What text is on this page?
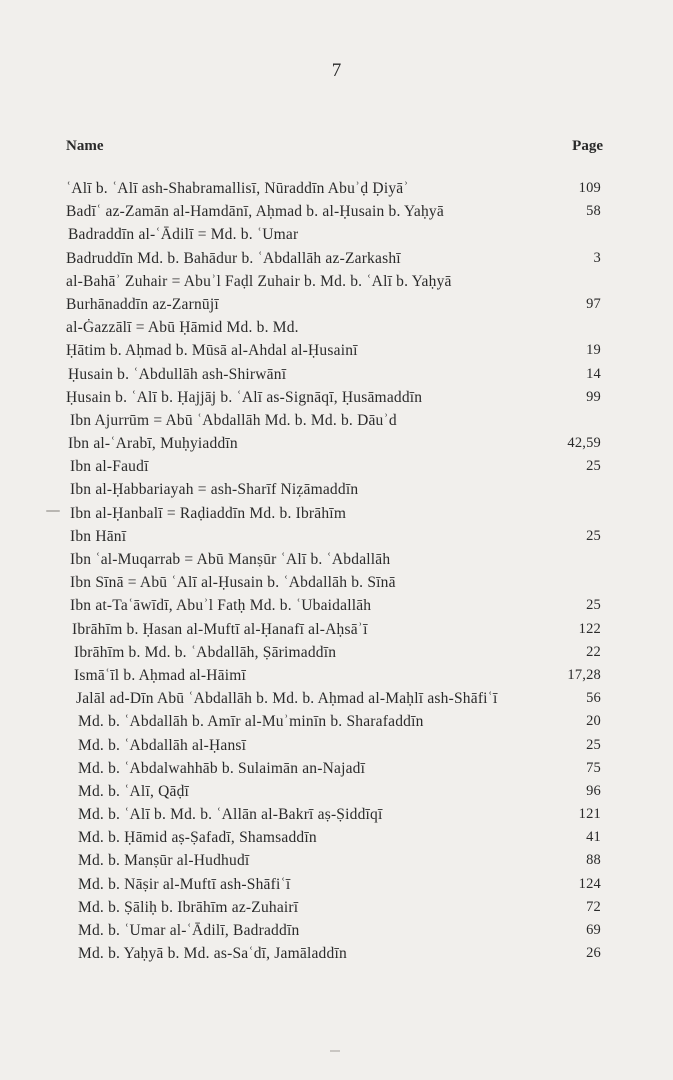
7
Name	Page
ʿAlī b. ʿAlī ash-Shabramallisī, Nūraddīn Abuʾḍ Ḍiyāʾ	109
Badīʿ az-Zamān al-Hamdānī, Aḥmad b. al-Ḥusain b. Yaḥyā	58
Badraddīn al-ʿĀdilī = Md. b. ʿUmar
Badruddīn Md. b. Bahādur b. ʿAbdallāh az-Zarkashī	3
al-Bahāʾ Zuhair = Abuʾl Faḍl Zuhair b. Md. b. ʿAlī b. Yaḥyā
Burhānaddīn az-Zarnūjī	97
al-Ġazzālī = Abū Ḥāmid Md. b. Md.
Ḥātim b. Aḥmad b. Mūsā al-Ahdal al-Ḥusainī	19
Ḥusain b. ʿAbdullāh ash-Shirwānī	14
Ḥusain b. ʿAlī b. Ḥajjāj b. ʿAlī as-Signāqī, Ḥusāmaddīn	99
Ibn Ajurrūm = Abū ʿAbdallāh Md. b. Md. b. Dāuʾd
Ibn al-ʿArabī, Muḥyiaddīn	42,59
Ibn al-Faudī	25
Ibn al-Ḥabbariayah = ash-Sharīf Niẓāmaddīn
Ibn al-Ḥanbalī = Raḍiaddīn Md. b. Ibrāhīm
Ibn Hānī	25
Ibn ʿal-Muqarrab = Abū Manṣūr ʿAlī b. ʿAbdallāh
Ibn Sīnā = Abū ʿAlī al-Ḥusain b. ʿAbdallāh b. Sīnā
Ibn at-Taʿāwīdī, Abuʾl Fatḥ Md. b. ʿUbaidallāh	25
Ibrāhīm b. Ḥasan al-Muftī al-Ḥanafī al-Aḥsāʾī	122
Ibrāhīm b. Md. b. ʿAbdallāh, Ṣārimaddīn	22
Ismāʿīl b. Aḥmad al-Hāimī	17,28
Jalāl ad-Dīn Abū ʿAbdallāh b. Md. b. Aḥmad al-Maḥlī ash-Shāfiʿī	56
Md. b. ʿAbdallāh b. Amīr al-Muʾminīn b. Sharafaddīn	20
Md. b. ʿAbdallāh al-Ḥansī	25
Md. b. ʿAbdalwahhāb b. Sulaimān an-Najadī	75
Md. b. ʿAlī, Qāḍī	96
Md. b. ʿAlī b. Md. b. ʿAllān al-Bakrī aṣ-Ṣiddīqī	121
Md. b. Ḥāmid aṣ-Ṣafadī, Shamsaddīn	41
Md. b. Manṣūr al-Hudhudī	88
Md. b. Nāṣir al-Muftī ash-Shāfiʿī	124
Md. b. Ṣāliḥ b. Ibrāhīm az-Zuhairī	72
Md. b. ʿUmar al-ʿĀdilī, Badraddīn	69
Md. b. Yaḥyā b. Md. as-Saʿdī, Jamāladdīn	26
